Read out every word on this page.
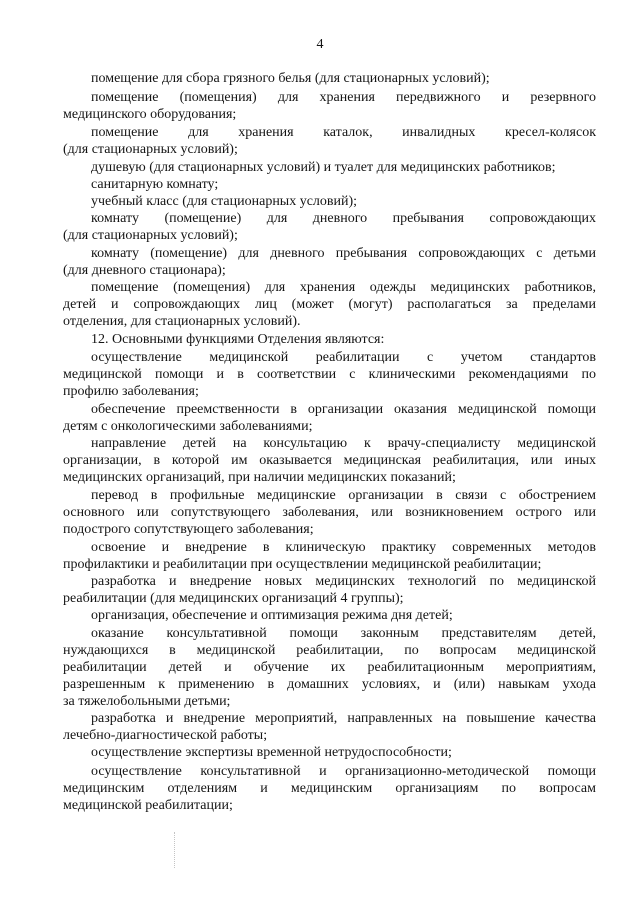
4
помещение для сбора грязного белья (для стационарных условий);
помещение (помещения) для хранения передвижного и резервного
медицинского оборудования;
помещение для хранения каталок, инвалидных кресел-колясок
(для стационарных условий);
душевую (для стационарных условий) и туалет для медицинских работников;
санитарную комнату;
учебный класс (для стационарных условий);
комнату (помещение) для дневного пребывания сопровождающих
(для стационарных условий);
комнату (помещение) для дневного пребывания сопровождающих с детьми
(для дневного стационара);
помещение (помещения) для хранения одежды медицинских работников,
детей и сопровождающих лиц (может (могут) располагаться за пределами
отделения, для стационарных условий).
12. Основными функциями Отделения являются:
осуществление медицинской реабилитации с учетом стандартов
медицинской помощи и в соответствии с клиническими рекомендациями по
профилю заболевания;
обеспечение преемственности в организации оказания медицинской помощи
детям с онкологическими заболеваниями;
направление детей на консультацию к врачу-специалисту медицинской
организации, в которой им оказывается медицинская реабилитация, или иных
медицинских организаций, при наличии медицинских показаний;
перевод в профильные медицинские организации в связи с обострением
основного или сопутствующего заболевания, или возникновением острого или
подострого сопутствующего заболевания;
освоение и внедрение в клиническую практику современных методов
профилактики и реабилитации при осуществлении медицинской реабилитации;
разработка и внедрение новых медицинских технологий по медицинской
реабилитации (для медицинских организаций 4 группы);
организация, обеспечение и оптимизация режима дня детей;
оказание консультативной помощи законным представителям детей,
нуждающихся в медицинской реабилитации, по вопросам медицинской
реабилитации детей и обучение их реабилитационным мероприятиям,
разрешенным к применению в домашних условиях, и (или) навыкам ухода
за тяжелобольными детьми;
разработка и внедрение мероприятий, направленных на повышение качества
лечебно-диагностической работы;
осуществление экспертизы временной нетрудоспособности;
осуществление консультативной и организационно-методической помощи
медицинским отделениям и медицинским организациям по вопросам
медицинской реабилитации;
